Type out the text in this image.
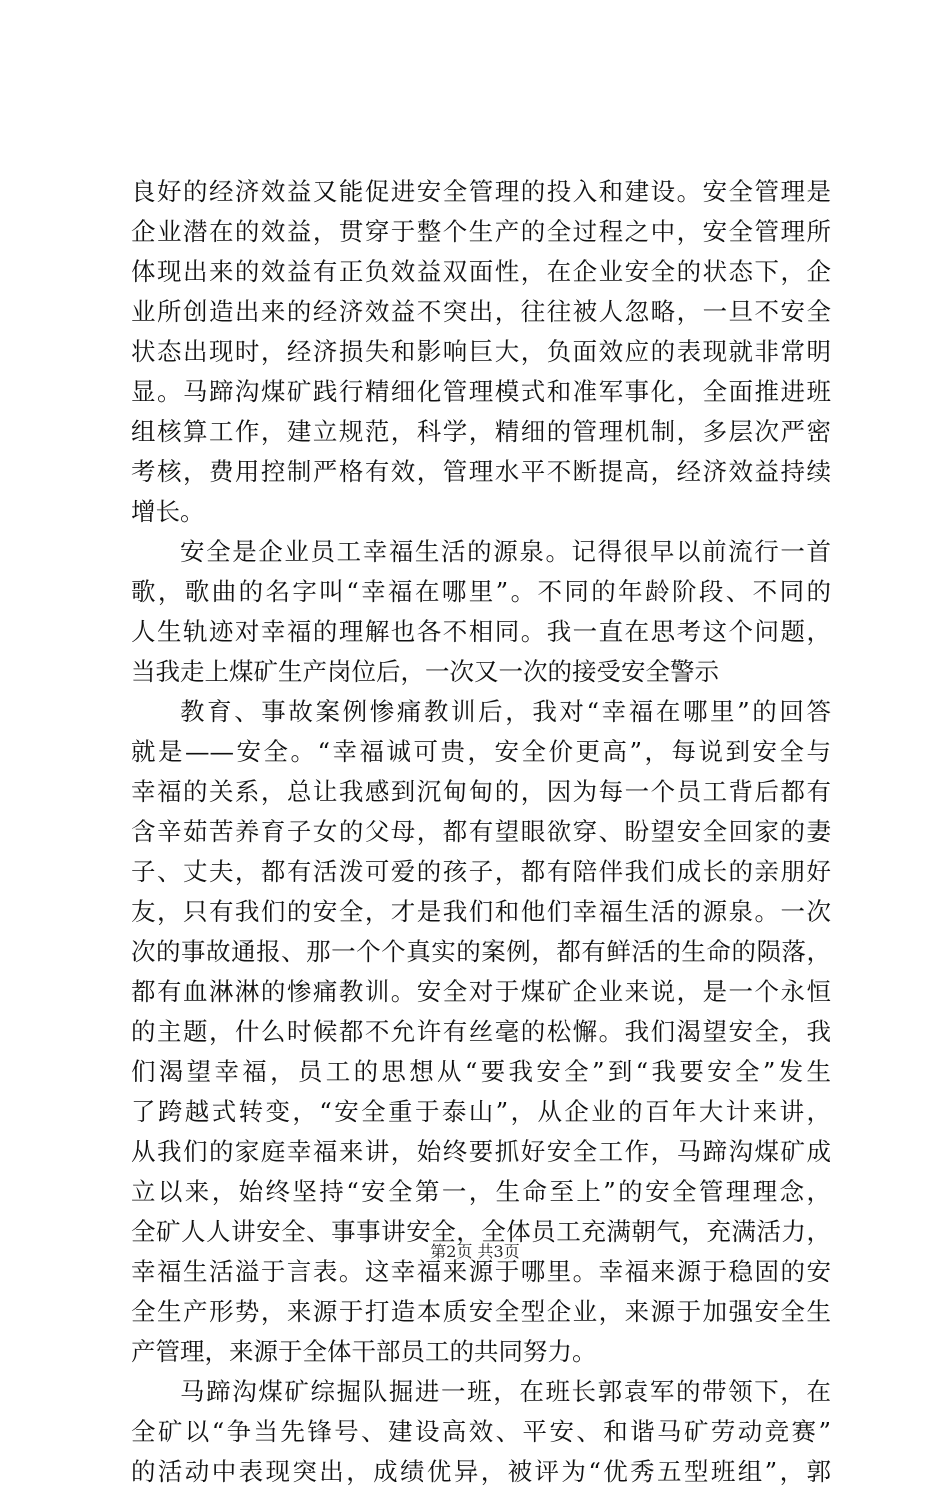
良好的经济效益又能促进安全管理的投入和建设。安全管理是
企业潜在的效益，贯穿于整个生产的全过程之中，安全管理所
体现出来的效益有正负效益双面性，在企业安全的状态下，企
业所创造出来的经济效益不突出，往往被人忽略，一旦不安全
状态出现时，经济损失和影响巨大，负面效应的表现就非常明
显。马蹄沟煤矿践行精细化管理模式和准军事化，全面推进班
组核算工作，建立规范，科学，精细的管理机制，多层次严密
考核，费用控制严格有效，管理水平不断提高，经济效益持续
增长。
安全是企业员工幸福生活的源泉。记得很早以前流行一首
歌，歌曲的名字叫“幸福在哪里”。不同的年龄阶段、不同的
人生轨迹对幸福的理解也各不相同。我一直在思考这个问题，
当我走上煤矿生产岗位后，一次又一次的接受安全警示
教育、事故案例惨痛教训后，我对“幸福在哪里”的回答
就是——安全。“幸福诚可贵，安全价更高”，每说到安全与
幸福的关系，总让我感到沉甸甸的，因为每一个员工背后都有
含辛茹苦养育子女的父母，都有望眼欲穿、盼望安全回家的妻
子、丈夫，都有活泼可爱的孩子，都有陪伴我们成长的亲朋好
友，只有我们的安全，才是我们和他们幸福生活的源泉。一次
次的事故通报、那一个个真实的案例，都有鲜活的生命的陨落，
都有血淋淋的惨痛教训。安全对于煤矿企业来说，是一个永恒
的主题，什么时候都不允许有丝毫的松懈。我们渴望安全，我
们渴望幸福，员工的思想从“要我安全”到“我要安全”发生
了跨越式转变，“安全重于泰山”，从企业的百年大计来讲，
从我们的家庭幸福来讲，始终要抓好安全工作，马蹄沟煤矿成
立以来，始终坚持“安全第一，生命至上”的安全管理理念，
全矿人人讲安全、事事讲安全，全体员工充满朝气，充满活力，
幸福生活溢于言表。这幸福来源于哪里。幸福来源于稳固的安
全生产形势，来源于打造本质安全型企业，来源于加强安全生
产管理，来源于全体干部员工的共同努力。
马蹄沟煤矿综掘队掘进一班，在班长郭袁军的带领下，在
全矿以“争当先锋号、建设高效、平安、和谐马矿劳动竞赛”
的活动中表现突出，成绩优异，被评为“优秀五型班组”，郭
第2页 共3页
